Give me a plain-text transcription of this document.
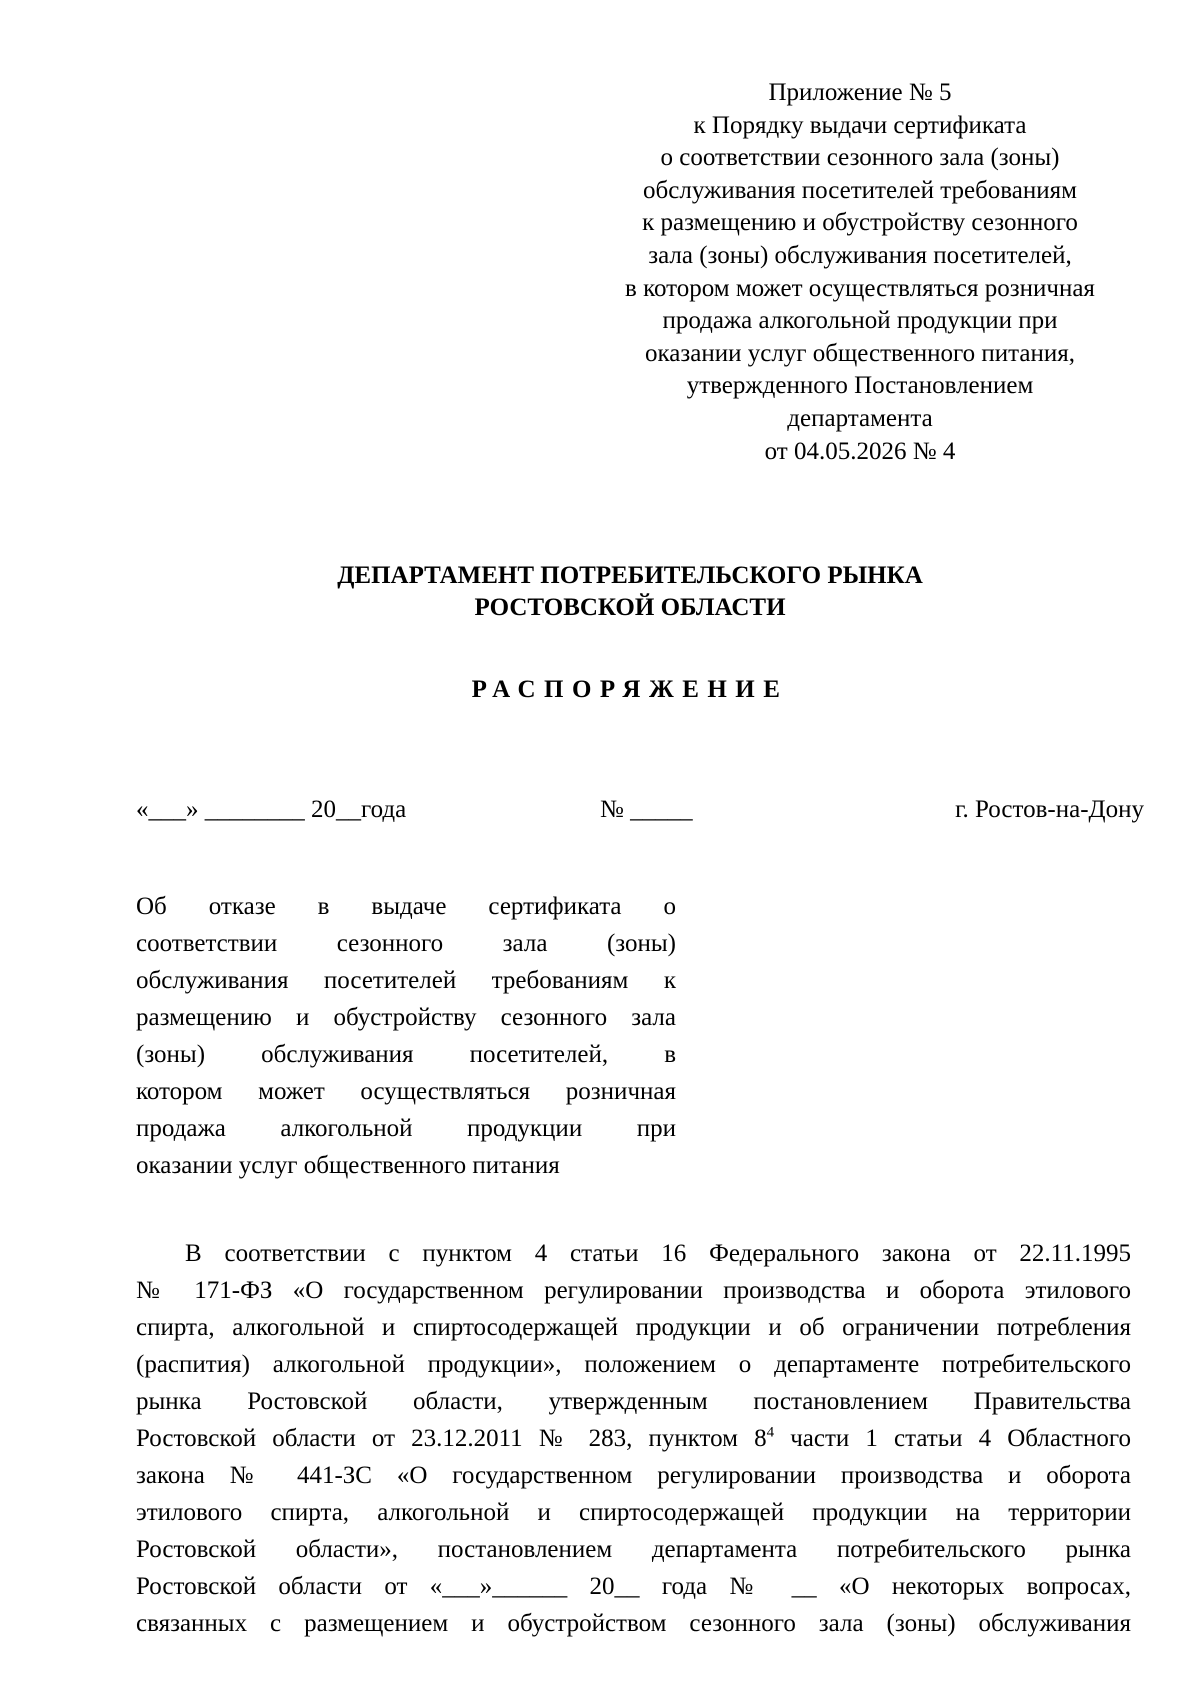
Приложение № 5
к Порядку выдачи сертификата
о соответствии сезонного зала (зоны)
обслуживания посетителей требованиям
к размещению и обустройству сезонного
зала (зоны) обслуживания посетителей,
в котором может осуществляться розничная
продажа алкогольной продукции при
оказании услуг общественного питания,
утвержденного Постановлением
департамента
от 04.05.2026 № 4
ДЕПАРТАМЕНТ ПОТРЕБИТЕЛЬСКОГО РЫНКА
РОСТОВСКОЙ ОБЛАСТИ
РАСПОРЯЖЕНИЕ
«___» ________ 20__года	№ _____	г. Ростов-на-Дону
Об отказе в выдаче сертификата о
соответствии сезонного зала (зоны)
обслуживания посетителей требованиям к
размещению и обустройству сезонного зала
(зоны) обслуживания посетителей, в
котором может осуществляться розничная
продажа алкогольной продукции при
оказании услуг общественного питания
В соответствии с пунктом 4 статьи 16 Федерального закона от 22.11.1995
№ 171-ФЗ «О государственном регулировании производства и оборота этилового
спирта, алкогольной и спиртосодержащей продукции и об ограничении потребления
(распития) алкогольной продукции», положением о департаменте потребительского
рынка Ростовской области, утвержденным постановлением Правительства
Ростовской области от 23.12.2011 № 283, пунктом $8^4$ части 1 статьи 4 Областного
законa № 441-ЗС «О государственном регулировании производства и оборота
этилового спирта, алкогольной и спиртосодержащей продукции на территории
Ростовской области», постановлением департамента потребительского рынка
Ростовской области от «___»______ 20__ года № __ «О некоторых вопросах,
связанных с размещением и обустройством сезонного зала (зоны) обслуживания
